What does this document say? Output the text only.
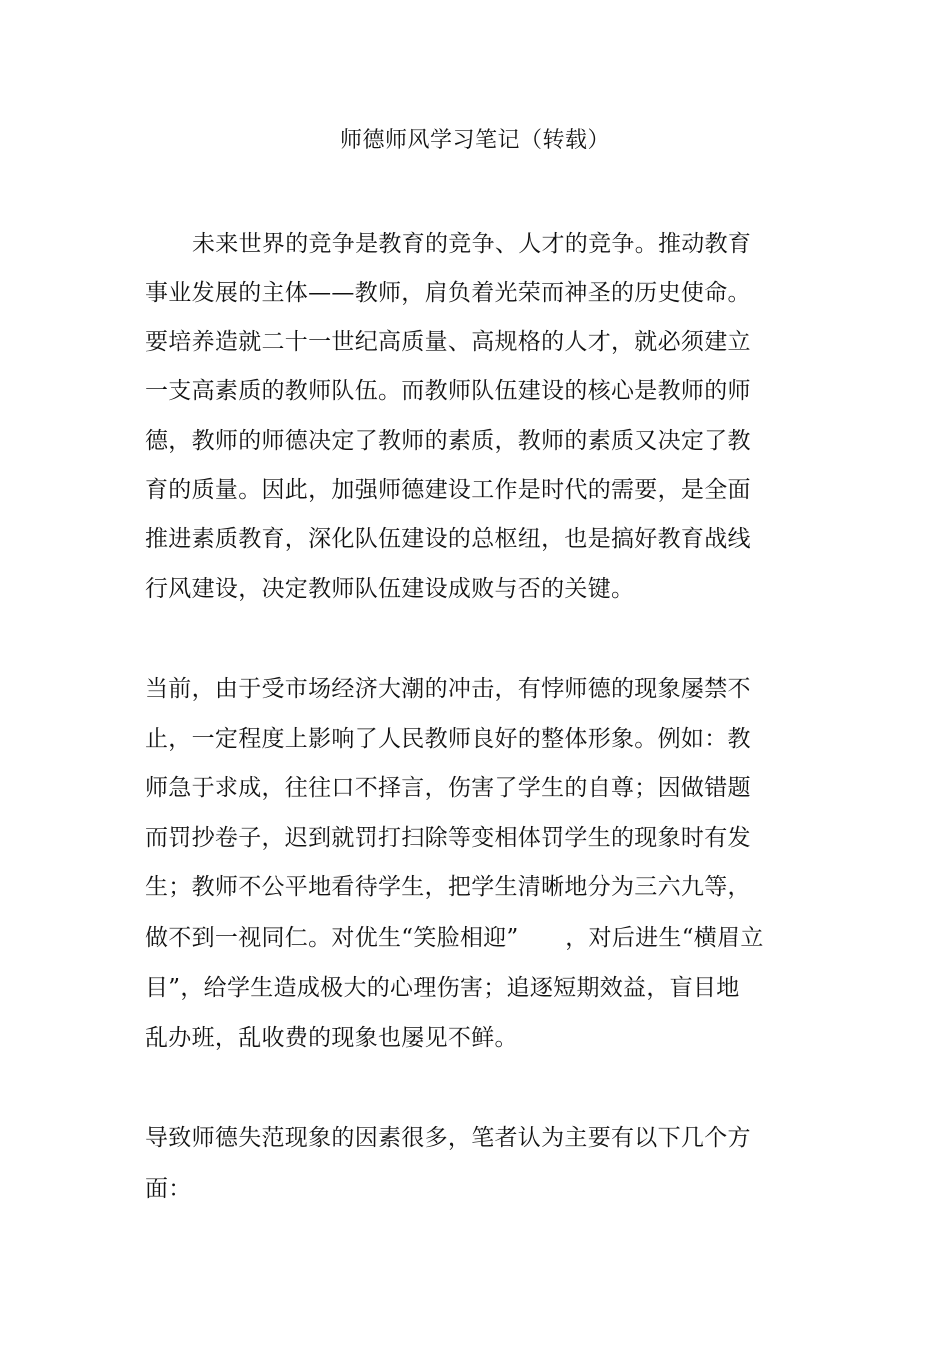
师德师风学习笔记（转载）
未来世界的竞争是教育的竞争、人才的竞争。推动教育
事业发展的主体——教师，肩负着光荣而神圣的历史使命。
要培养造就二十一世纪高质量、高规格的人才，就必须建立
一支高素质的教师队伍。而教师队伍建设的核心是教师的师
德，教师的师德决定了教师的素质，教师的素质又决定了教
育的质量。因此，加强师德建设工作是时代的需要，是全面
推进素质教育，深化队伍建设的总枢纽，也是搞好教育战线
行风建设，决定教师队伍建设成败与否的关键。
当前，由于受市场经济大潮的冲击，有悖师德的现象屡禁不
止，一定程度上影响了人民教师良好的整体形象。例如：教
师急于求成，往往口不择言，伤害了学生的自尊；因做错题
而罚抄卷子，迟到就罚打扫除等变相体罚学生的现象时有发
生；教师不公平地看待学生，把学生清晰地分为三六九等，
做不到一视同仁。对优生“笑脸相迎”　　，对后进生“横眉立
目”，给学生造成极大的心理伤害；追逐短期效益，盲目地
乱办班，乱收费的现象也屡见不鲜。
导致师德失范现象的因素很多，笔者认为主要有以下几个方
面：
